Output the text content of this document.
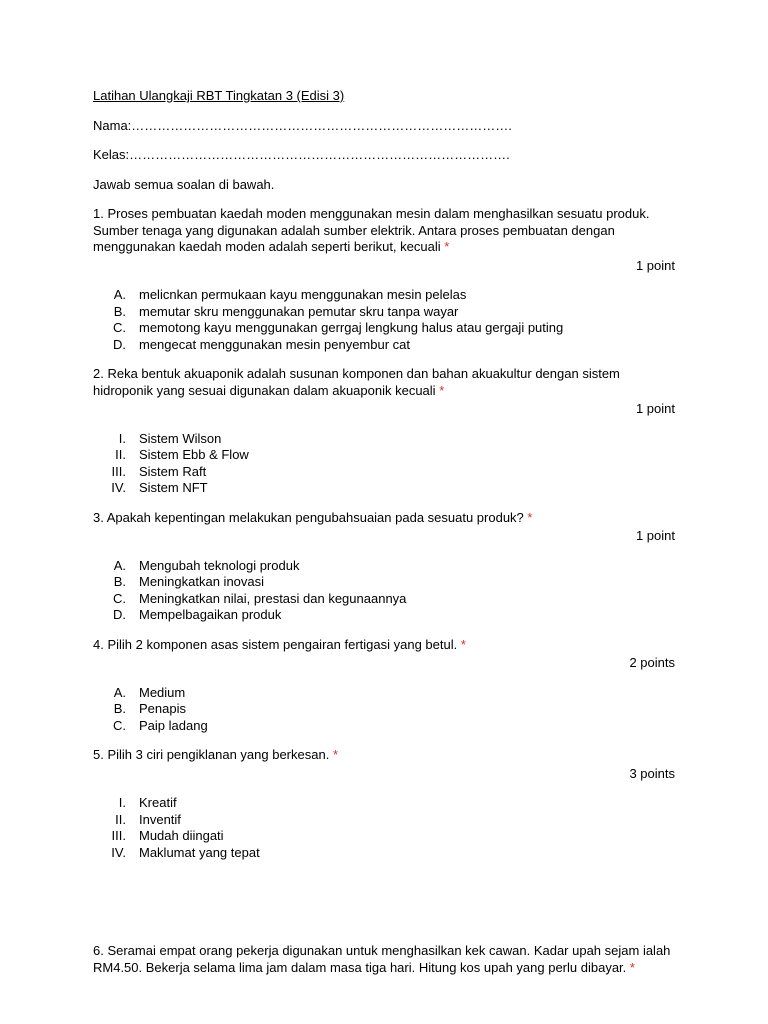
Latihan Ulangkaji RBT Tingkatan 3 (Edisi 3)

Nama:…………………………………………………………………………….

Kelas:…………………………………………………………………………….

Jawab semua soalan di bawah.

1. Proses pembuatan kaedah moden menggunakan mesin dalam menghasilkan sesuatu produk. Sumber tenaga yang digunakan adalah sumber elektrik. Antara proses pembuatan dengan menggunakan kaedah moden adalah seperti berikut, kecuali *

1 point
A. melicnkan permukaan kayu menggunakan mesin pelelas
B. memutar skru menggunakan pemutar skru tanpa wayar
C. memotong kayu menggunakan gerrgaj lengkung halus atau gergaji puting
D. mengecat menggunakan mesin penyembur cat

2. Reka bentuk akuaponik adalah susunan komponen dan bahan akuakultur dengan sistem hidroponik yang sesuai digunakan dalam akuaponik kecuali *

1 point
I. Sistem Wilson
II. Sistem Ebb & Flow
III. Sistem Raft
IV. Sistem NFT

3. Apakah kepentingan melakukan pengubahsuaian pada sesuatu produk? *

1 point
A. Mengubah teknologi produk
B. Meningkatkan inovasi
C. Meningkatkan nilai, prestasi dan kegunaannya
D. Mempelbagaikan produk

4. Pilih 2 komponen asas sistem pengairan fertigasi yang betul. *

2 points
A. Medium
B. Penapis
C. Paip ladang

5. Pilih 3 ciri pengiklanan yang berkesan. *

3 points
I. Kreatif
II. Inventif
III. Mudah diingati
IV. Maklumat yang tepat

6. Seramai empat orang pekerja digunakan untuk menghasilkan kek cawan. Kadar upah sejam ialah RM4.50. Bekerja selama lima jam dalam masa tiga hari. Hitung kos upah yang perlu dibayar. *
